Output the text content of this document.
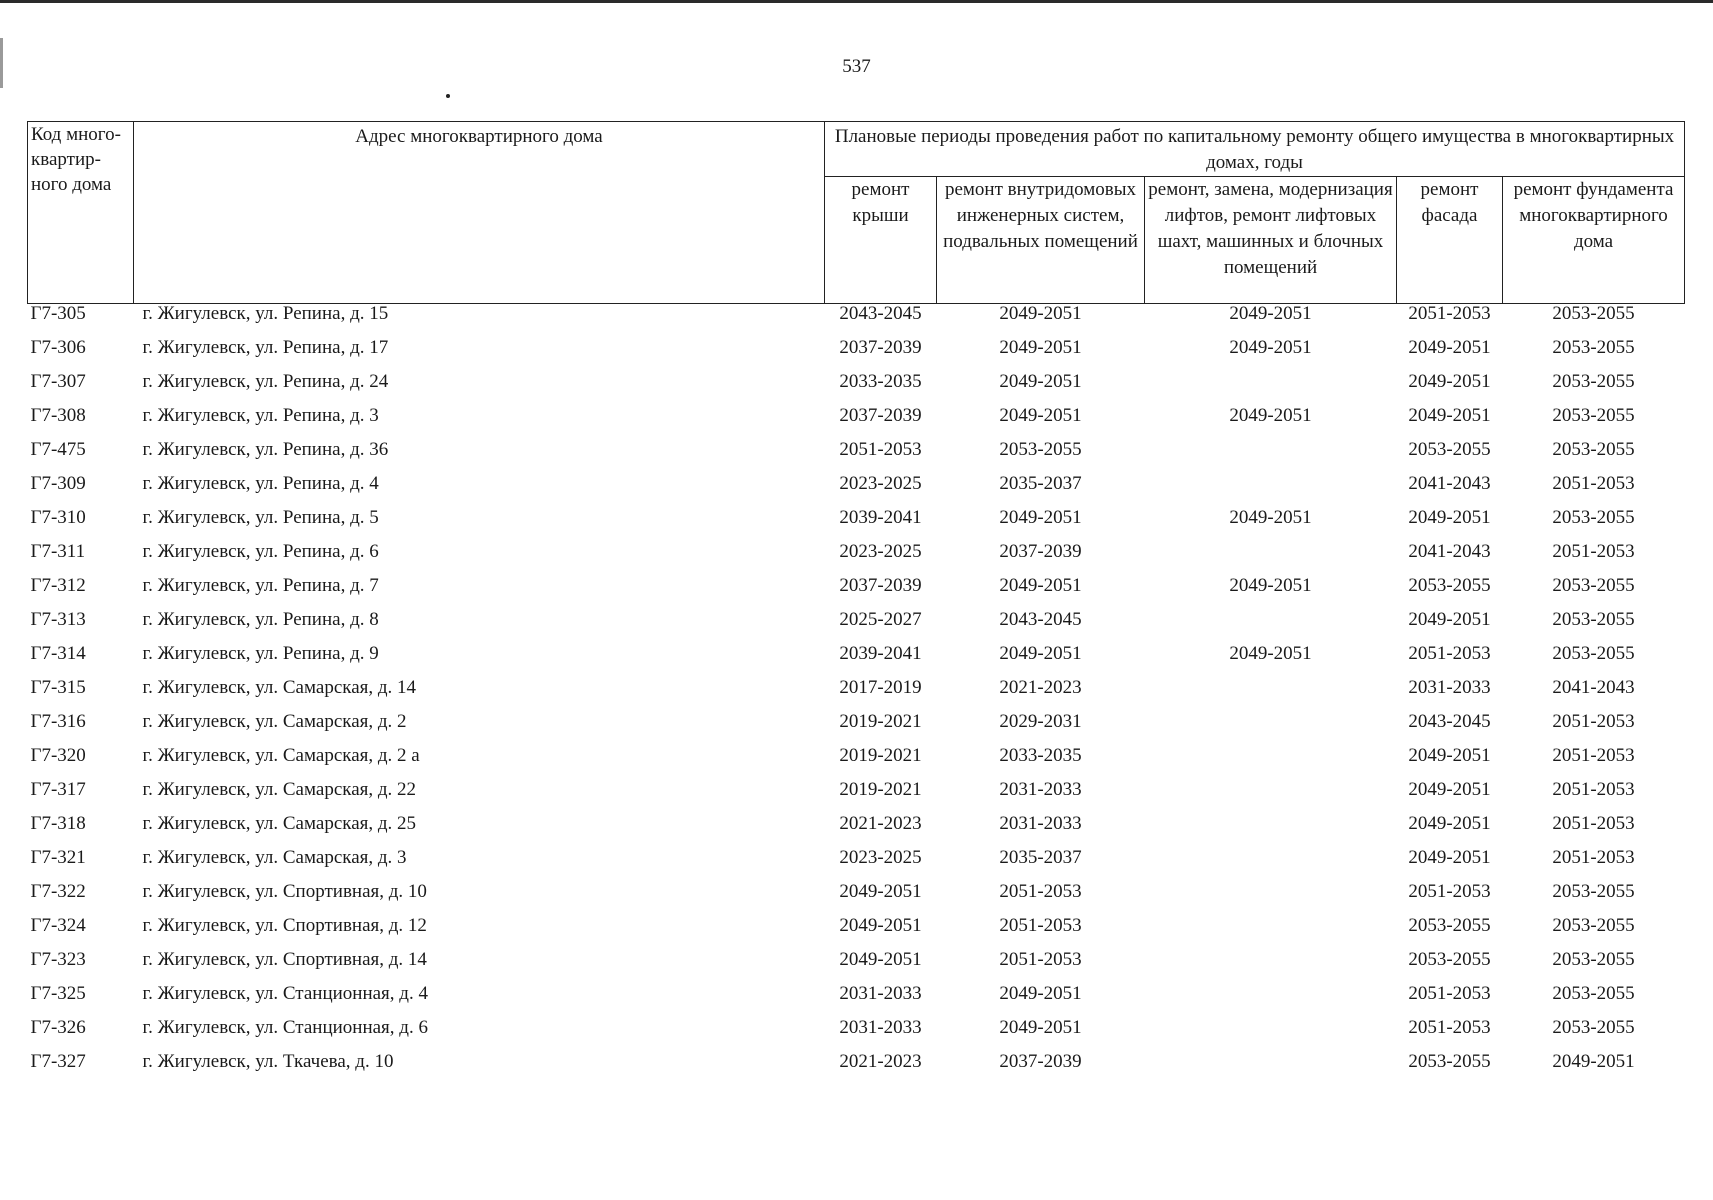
537
Код много-квартир-ного дома	Адрес многоквартирного дома	Плановые периоды проведения работ по капитальному ремонту общего имущества в многоквартирных домах, годы				
		ремонт крыши	ремонт внутридомовых инженерных систем, подвальных помещений	ремонт, замена, модернизация лифтов, ремонт лифтовых шахт, машинных и блочных помещений	ремонт фасада	ремонт фундамента многоквартирного дома
Г7-305	г. Жигулевск, ул. Репина, д. 15	2043-2045	2049-2051	2049-2051	2051-2053	2053-2055
Г7-306	г. Жигулевск, ул. Репина, д. 17	2037-2039	2049-2051	2049-2051	2049-2051	2053-2055
Г7-307	г. Жигулевск, ул. Репина, д. 24	2033-2035	2049-2051		2049-2051	2053-2055
Г7-308	г. Жигулевск, ул. Репина, д. 3	2037-2039	2049-2051	2049-2051	2049-2051	2053-2055
Г7-475	г. Жигулевск, ул. Репина, д. 36	2051-2053	2053-2055		2053-2055	2053-2055
Г7-309	г. Жигулевск, ул. Репина, д. 4	2023-2025	2035-2037		2041-2043	2051-2053
Г7-310	г. Жигулевск, ул. Репина, д. 5	2039-2041	2049-2051	2049-2051	2049-2051	2053-2055
Г7-311	г. Жигулевск, ул. Репина, д. 6	2023-2025	2037-2039		2041-2043	2051-2053
Г7-312	г. Жигулевск, ул. Репина, д. 7	2037-2039	2049-2051	2049-2051	2053-2055	2053-2055
Г7-313	г. Жигулевск, ул. Репина, д. 8	2025-2027	2043-2045		2049-2051	2053-2055
Г7-314	г. Жигулевск, ул. Репина, д. 9	2039-2041	2049-2051	2049-2051	2051-2053	2053-2055
Г7-315	г. Жигулевск, ул. Самарская, д. 14	2017-2019	2021-2023		2031-2033	2041-2043
Г7-316	г. Жигулевск, ул. Самарская, д. 2	2019-2021	2029-2031		2043-2045	2051-2053
Г7-320	г. Жигулевск, ул. Самарская, д. 2 а	2019-2021	2033-2035		2049-2051	2051-2053
Г7-317	г. Жигулевск, ул. Самарская, д. 22	2019-2021	2031-2033		2049-2051	2051-2053
Г7-318	г. Жигулевск, ул. Самарская, д. 25	2021-2023	2031-2033		2049-2051	2051-2053
Г7-321	г. Жигулевск, ул. Самарская, д. 3	2023-2025	2035-2037		2049-2051	2051-2053
Г7-322	г. Жигулевск, ул. Спортивная, д. 10	2049-2051	2051-2053		2051-2053	2053-2055
Г7-324	г. Жигулевск, ул. Спортивная, д. 12	2049-2051	2051-2053		2053-2055	2053-2055
Г7-323	г. Жигулевск, ул. Спортивная, д. 14	2049-2051	2051-2053		2053-2055	2053-2055
Г7-325	г. Жигулевск, ул. Станционная, д. 4	2031-2033	2049-2051		2051-2053	2053-2055
Г7-326	г. Жигулевск, ул. Станционная, д. 6	2031-2033	2049-2051		2051-2053	2053-2055
Г7-327	г. Жигулевск, ул. Ткачева, д. 10	2021-2023	2037-2039		2053-2055	2049-2051
